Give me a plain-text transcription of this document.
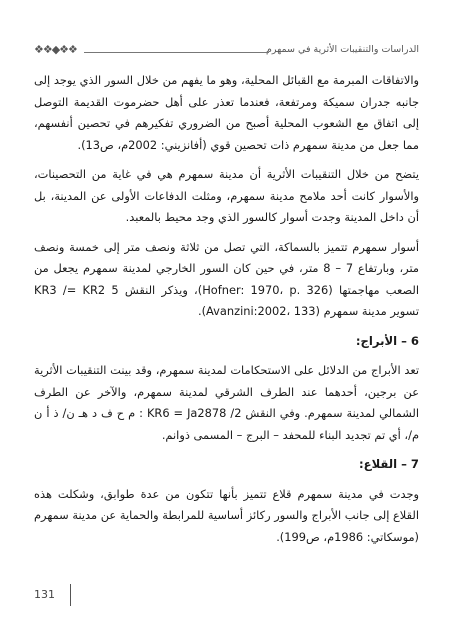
الدراسات والتنقيبات الأثرية في سمهرم
❖❖◆❖❖

والاتفاقات المبرمة مع القبائل المحلية، وهو ما يفهم من خلال السور الذي يوجد إلى جانبه جدران سميكة ومرتفعة، فعندما تعذر على أهل حضرموت القديمة التوصل إلى اتفاق مع الشعوب المحلية أصبح من الضروري تفكيرهم في تحصين أنفسهم، مما جعل من مدينة سمهرم ذات تحصين قوي (أفانزيني: 2002م، ص13).

يتضح من خلال التنقيبات الأثرية أن مدينة سمهرم هي في غاية من التحصينات، والأسوار كانت أحد ملامح مدينة سمهرم، ومثلت الدفاعات الأولى عن المدينة، بل أن داخل المدينة وجدت أسوار كالسور الذي وجد محيط بالمعبد.

أسوار سمهرم تتميز بالسماكة، التي تصل من ثلاثة ونصف متر إلى خمسة ونصف متر، وبارتفاع 7 – 8 متر، في حين كان السور الخارجي لمدينة سمهرم يجعل من الصعب مهاجمتها (Hofner: 1970، p. 326)، ويذكر النقش KR3 /= KR2 5 تسوير مدينة سمهرم (Avanzini:2002، 133).

6 – الأبراج:

تعد الأبراج من الدلائل على الاستحكامات لمدينة سمهرم، وقد بينت التنقيبات الأثرية عن برجين، أحدهما عند الطرف الشرقي لمدينة سمهرم، والآخر عن الطرف الشمالي لمدينة سمهرم. وفي النقش KR6 = Ja2878 /2 : م ح ف د هـ ن/ ذ أ ن م/، أي تم تجديد البناء للمحفد – البرج – المسمى ذوانم.

7 – القلاع:

وجدت في مدينة سمهرم قلاع تتميز بأنها تتكون من عدة طوابق، وشكلت هذه القلاع إلى جانب الأبراج والسور ركائز أساسية للمرابطة والحماية عن مدينة سمهرم (موسكاتي: 1986م، ص199).

131
